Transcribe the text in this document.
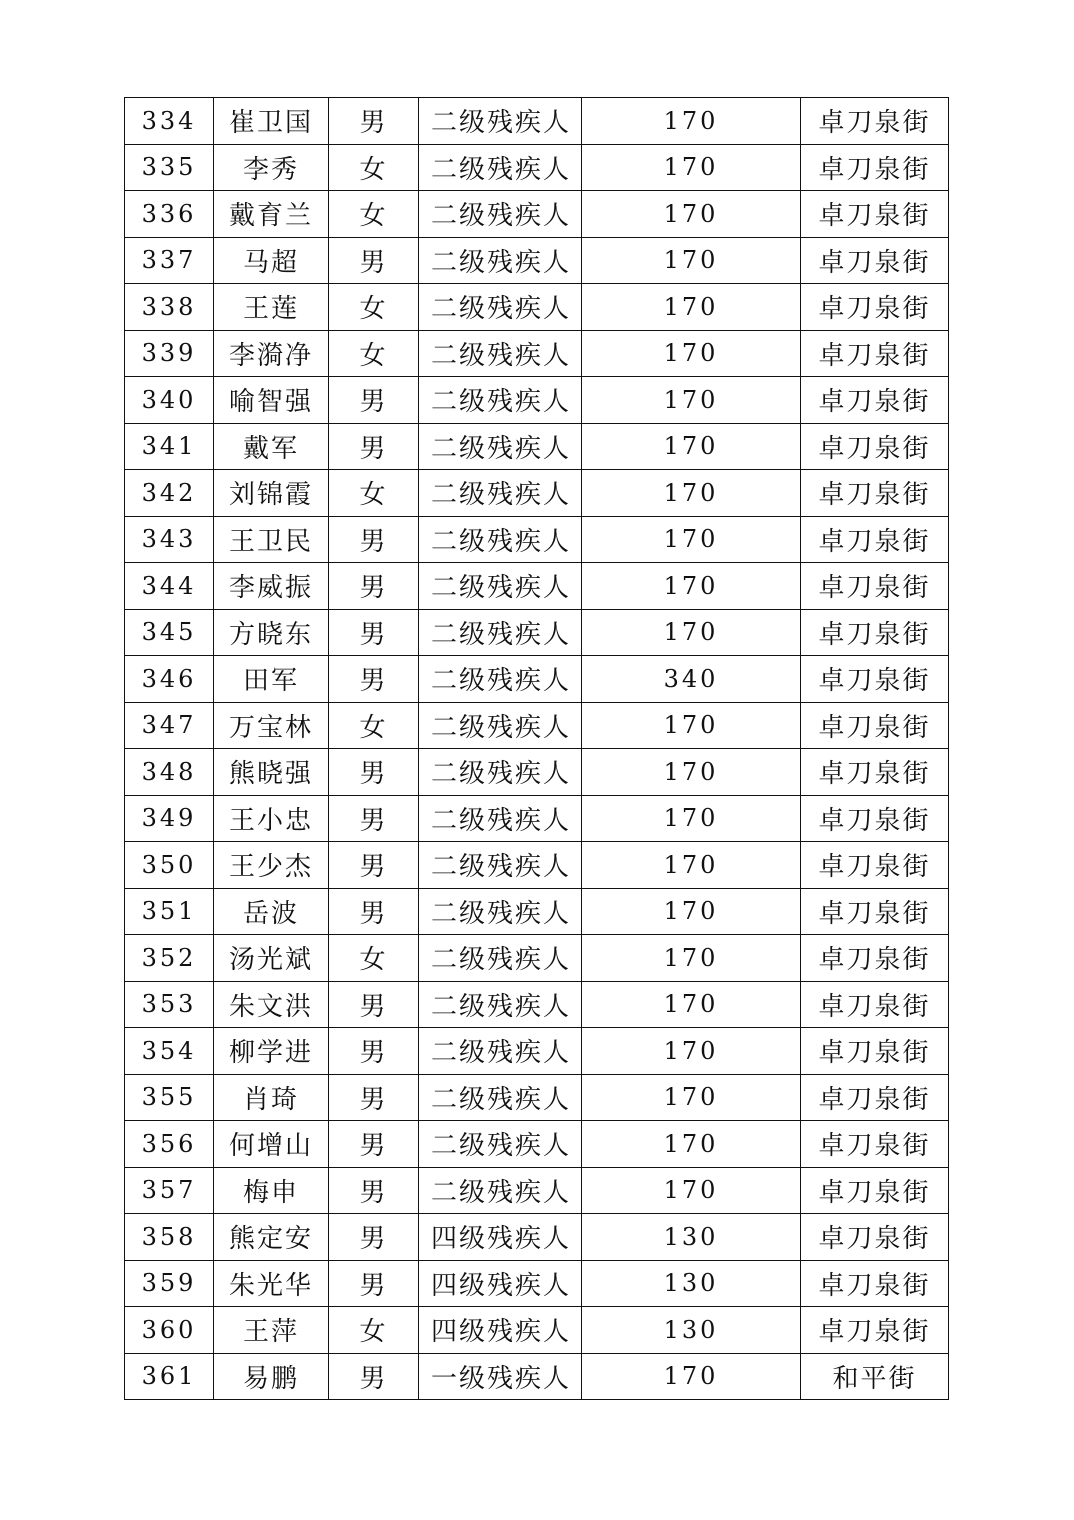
334	崔卫国	男	二级残疾人	170	卓刀泉街
335	李秀	女	二级残疾人	170	卓刀泉街
336	戴育兰	女	二级残疾人	170	卓刀泉街
337	马超	男	二级残疾人	170	卓刀泉街
338	王莲	女	二级残疾人	170	卓刀泉街
339	李漪净	女	二级残疾人	170	卓刀泉街
340	喻智强	男	二级残疾人	170	卓刀泉街
341	戴军	男	二级残疾人	170	卓刀泉街
342	刘锦霞	女	二级残疾人	170	卓刀泉街
343	王卫民	男	二级残疾人	170	卓刀泉街
344	李威振	男	二级残疾人	170	卓刀泉街
345	方晓东	男	二级残疾人	170	卓刀泉街
346	田军	男	二级残疾人	340	卓刀泉街
347	万宝林	女	二级残疾人	170	卓刀泉街
348	熊晓强	男	二级残疾人	170	卓刀泉街
349	王小忠	男	二级残疾人	170	卓刀泉街
350	王少杰	男	二级残疾人	170	卓刀泉街
351	岳波	男	二级残疾人	170	卓刀泉街
352	汤光斌	女	二级残疾人	170	卓刀泉街
353	朱文洪	男	二级残疾人	170	卓刀泉街
354	柳学进	男	二级残疾人	170	卓刀泉街
355	肖琦	男	二级残疾人	170	卓刀泉街
356	何增山	男	二级残疾人	170	卓刀泉街
357	梅申	男	二级残疾人	170	卓刀泉街
358	熊定安	男	四级残疾人	130	卓刀泉街
359	朱光华	男	四级残疾人	130	卓刀泉街
360	王萍	女	四级残疾人	130	卓刀泉街
361	易鹏	男	一级残疾人	170	和平街
